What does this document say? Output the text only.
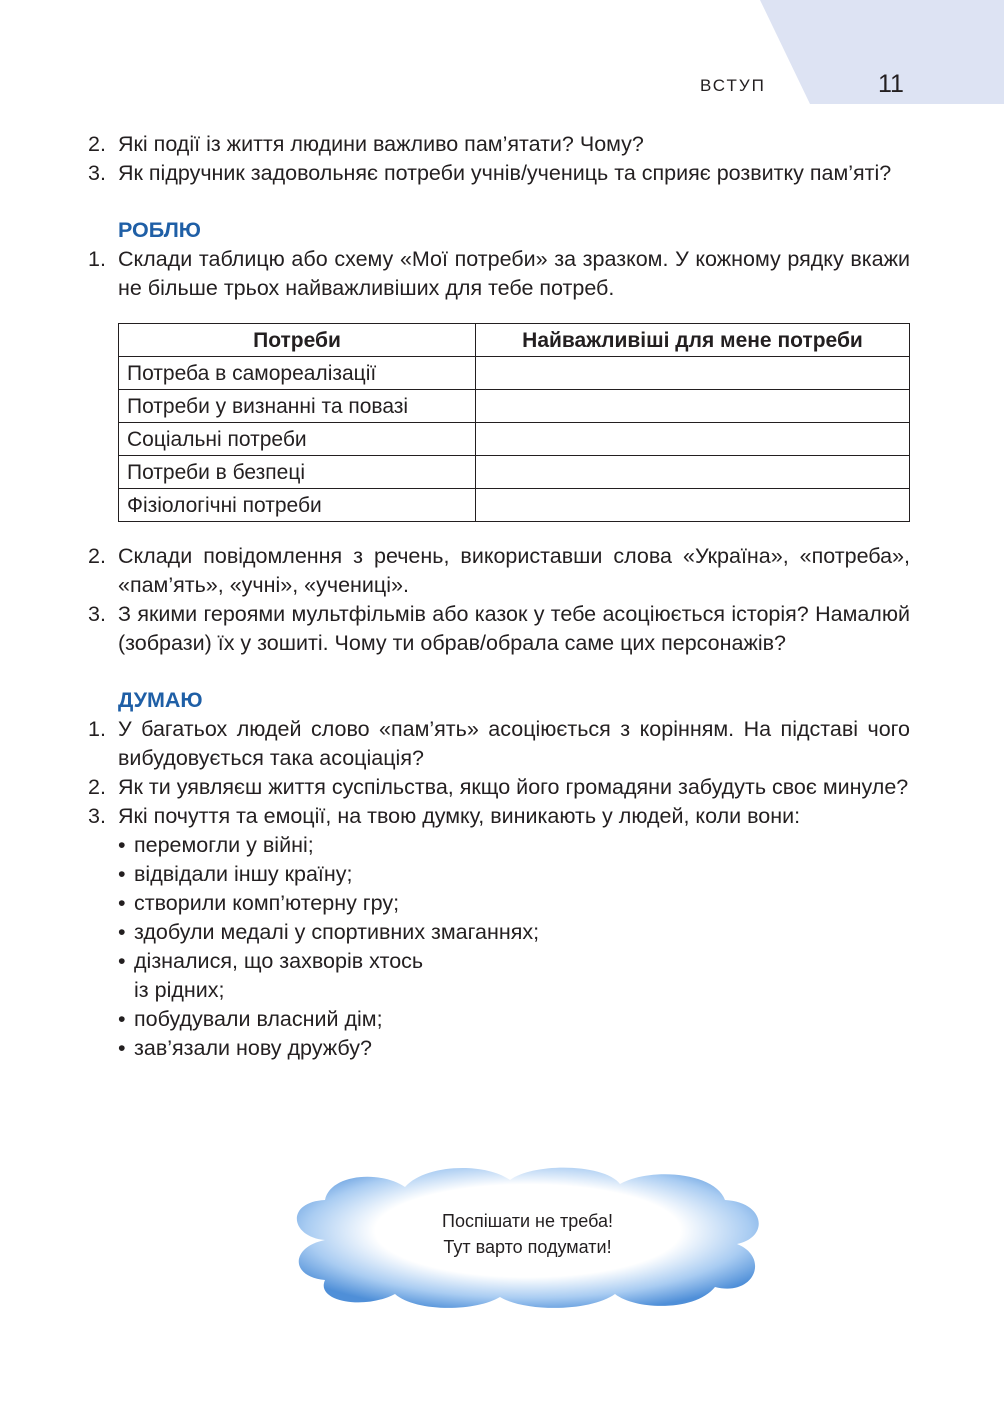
ВСТУП	11
2. Які події із життя людини важливо пам’ятати? Чому?
3. Як підручник задовольняє потреби учнів/учениць та сприяє розвитку пам’яті?
РОБЛЮ
1. Склади таблицю або схему «Мої потреби» за зразком. У кожному рядку вкажи не більше трьох найважливіших для тебе потреб.
Потреби	Найважливіші для мене потреби
Потреба в самореалізації	
Потреби у визнанні та повазі	
Соціальні потреби	
Потреби в безпеці	
Фізіологічні потреби	
2. Склади повідомлення з речень, використавши слова «Україна», «потреба», «пам’ять», «учні», «учениці».
3. З якими героями мультфільмів або казок у тебе асоціюється історія? Намалюй (зобрази) їх у зошиті. Чому ти обрав/обрала саме цих персонажів?
ДУМАЮ
1. У багатьох людей слово «пам’ять» асоціюється з корінням. На підставі чого вибудовується така асоціація?
2. Як ти уявляєш життя суспільства, якщо його громадяни забудуть своє минуле?
3. Які почуття та емоції, на твою думку, виникають у людей, коли вони:
• перемогли у війні;
• відвідали іншу країну;
• створили комп’ютерну гру;
• здобули медалі у спортивних змаганнях;
• дізналися, що захворів хтось
із рідних;
• побудували власний дім;
• зав’язали нову дружбу?
Поспішати не треба!
Тут варто подумати!
